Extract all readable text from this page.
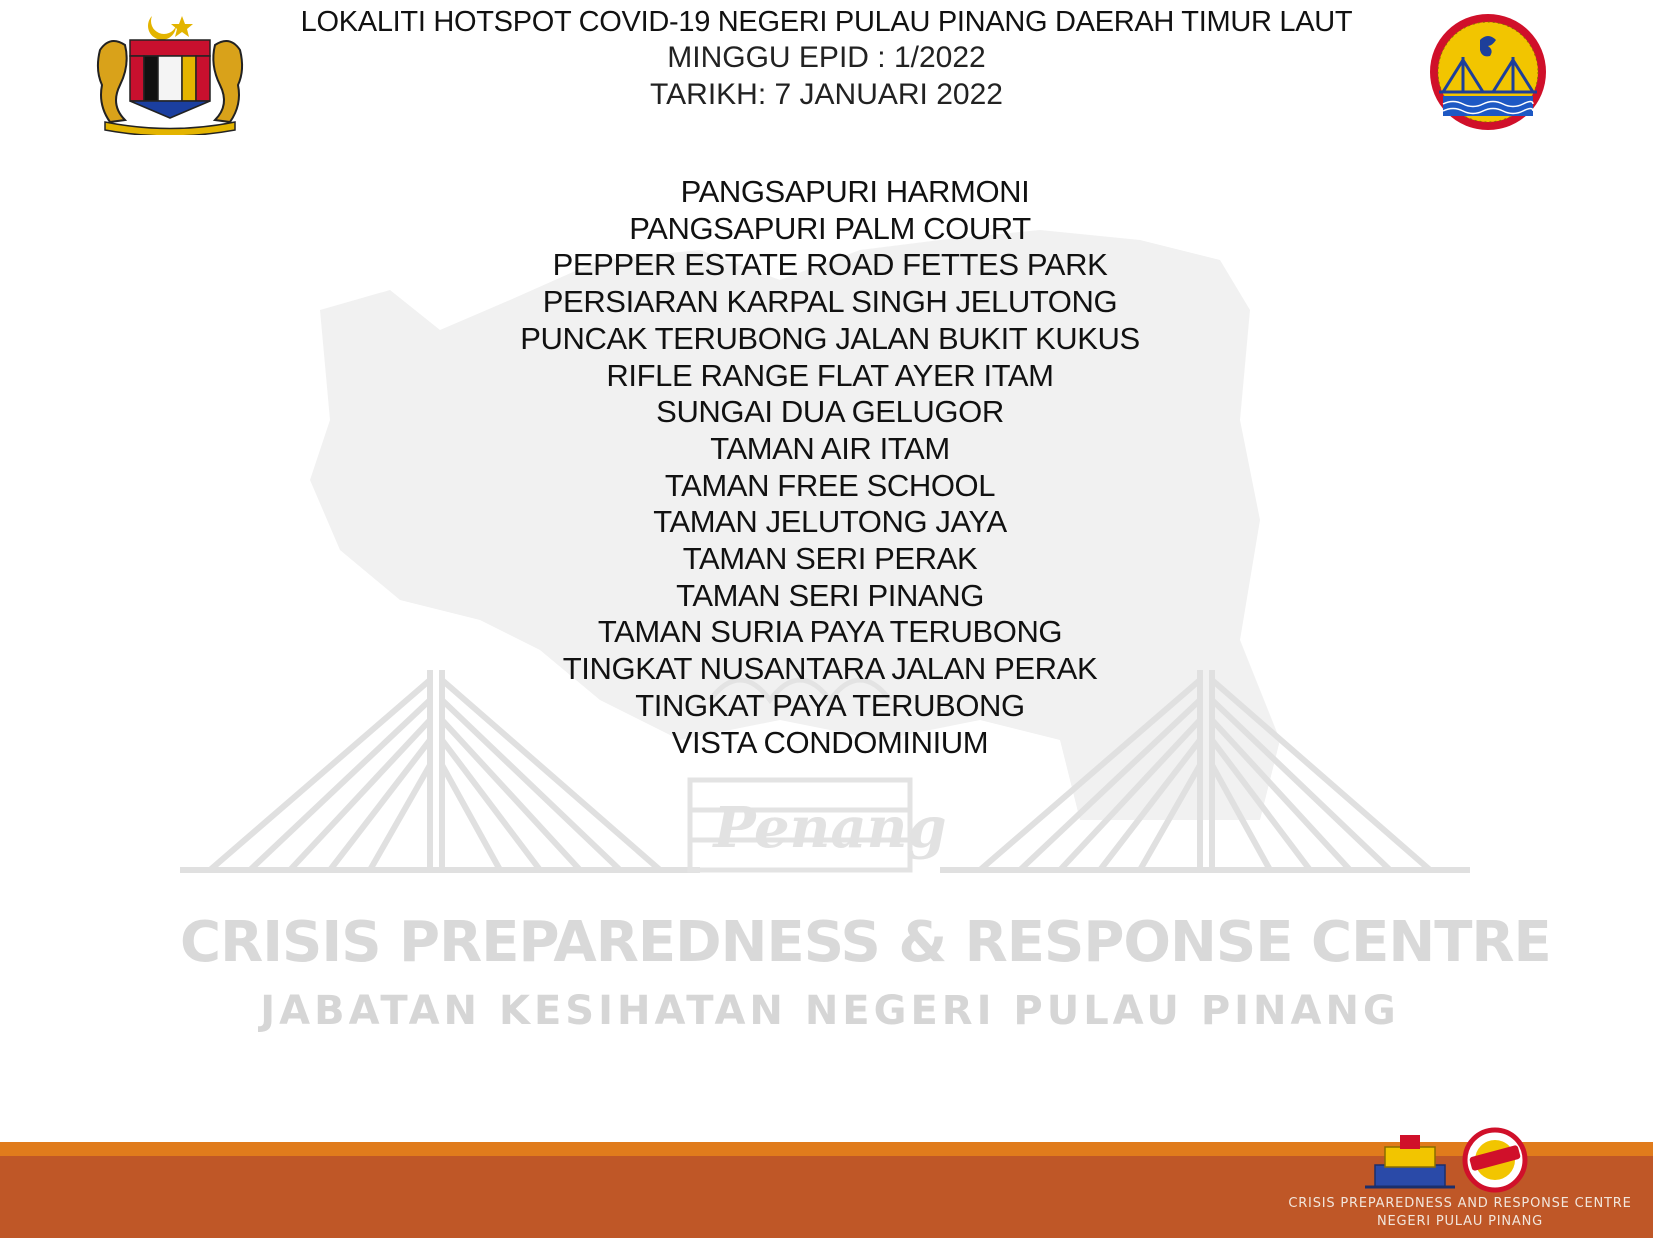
Penang
CRISIS PREPAREDNESS & RESPONSE CENTRE
JABATAN KESIHATAN NEGERI PULAU PINANG
LOKALITI HOTSPOT COVID-19 NEGERI PULAU PINANG DAERAH TIMUR LAUT

MINGGU EPID : 1/2022

TARIKH: 7 JANUARI 2022

PANGSAPURI HARMONI
PANGSAPURI PALM COURT
PEPPER ESTATE ROAD FETTES PARK
PERSIARAN KARPAL SINGH JELUTONG
PUNCAK TERUBONG JALAN BUKIT KUKUS
RIFLE RANGE FLAT AYER ITAM
SUNGAI DUA GELUGOR
TAMAN AIR ITAM
TAMAN FREE SCHOOL
TAMAN JELUTONG JAYA
TAMAN SERI PERAK
TAMAN SERI PINANG
TAMAN SURIA PAYA TERUBONG
TINGKAT NUSANTARA JALAN PERAK
TINGKAT PAYA TERUBONG
VISTA CONDOMINIUM
CRISIS PREPAREDNESS AND RESPONSE CENTRE
NEGERI PULAU PINANG
